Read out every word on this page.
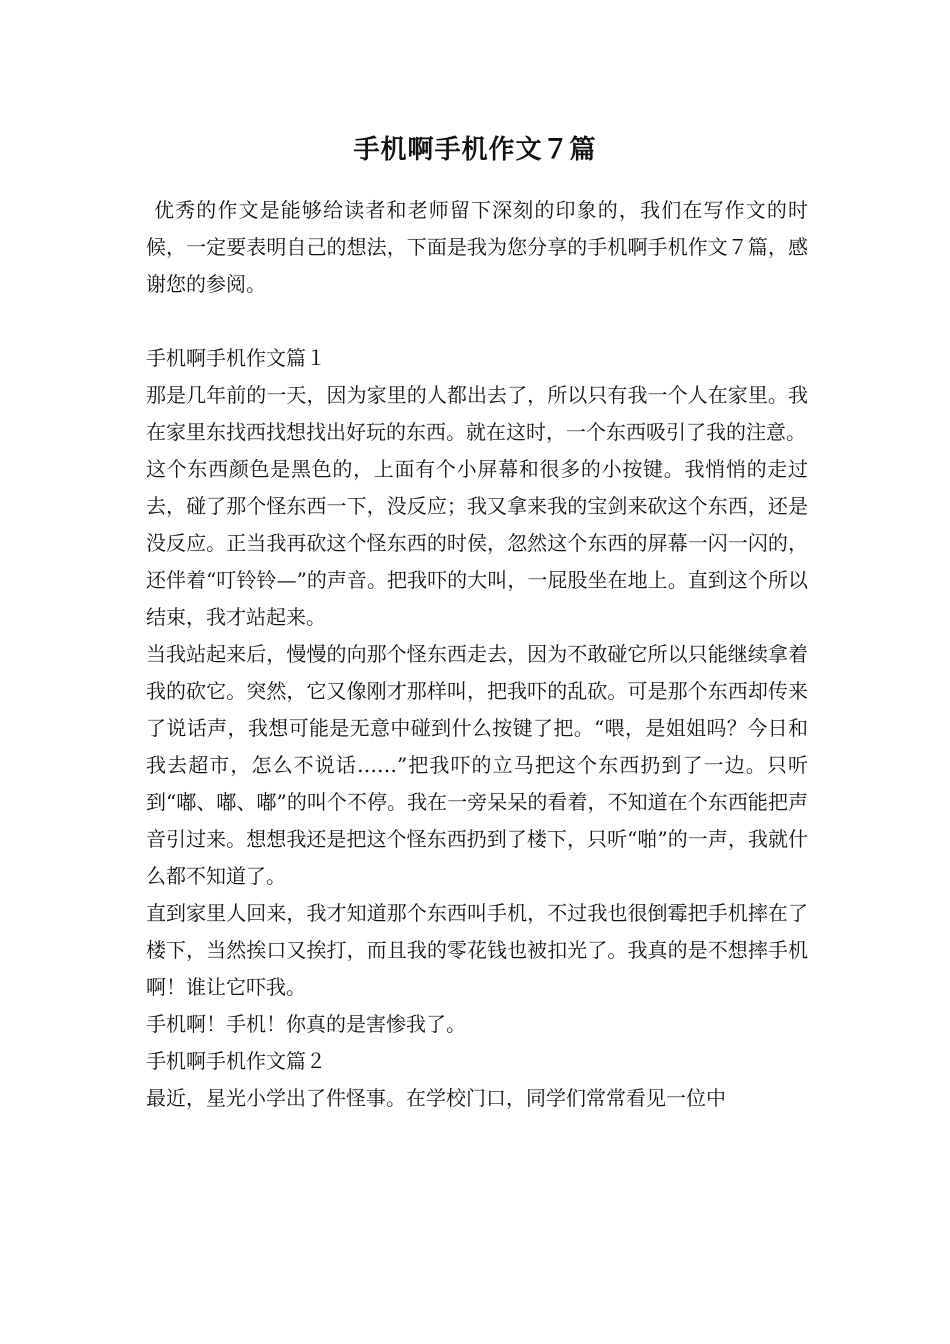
手机啊手机作文７篇

优秀的作文是能够给读者和老师留下深刻的印象的，我们在写作文的时候，一定要表明自己的想法，下面是我为您分享的手机啊手机作文７篇，感谢您的参阅。

手机啊手机作文篇１

那是几年前的一天，因为家里的人都出去了，所以只有我一个人在家里。我在家里东找西找想找出好玩的东西。就在这时，一个东西吸引了我的注意。

这个东西颜色是黑色的，上面有个小屏幕和很多的小按键。我悄悄的走过去，碰了那个怪东西一下，没反应；我又拿来我的宝剑来砍这个东西，还是没反应。正当我再砍这个怪东西的时侯，忽然这个东西的屏幕一闪一闪的，还伴着“叮铃铃—”的声音。把我吓的大叫，一屁股坐在地上。直到这个所以结束，我才站起来。

当我站起来后，慢慢的向那个怪东西走去，因为不敢碰它所以只能继续拿着我的砍它。突然，它又像刚才那样叫，把我吓的乱砍。可是那个东西却传来了说话声，我想可能是无意中碰到什么按键了把。“喂，是姐姐吗？今日和我去超市，怎么不说话……”把我吓的立马把这个东西扔到了一边。只听到“嘟、嘟、嘟”的叫个不停。我在一旁呆呆的看着，不知道在个东西能把声音引过来。想想我还是把这个怪东西扔到了楼下，只听“啪”的一声，我就什么都不知道了。

直到家里人回来，我才知道那个东西叫手机，不过我也很倒霉把手机摔在了楼下，当然挨口又挨打，而且我的零花钱也被扣光了。我真的是不想摔手机啊！谁让它吓我。

手机啊！手机！你真的是害惨我了。

手机啊手机作文篇２

最近，星光小学出了件怪事。在学校门口，同学们常常看见一位中
